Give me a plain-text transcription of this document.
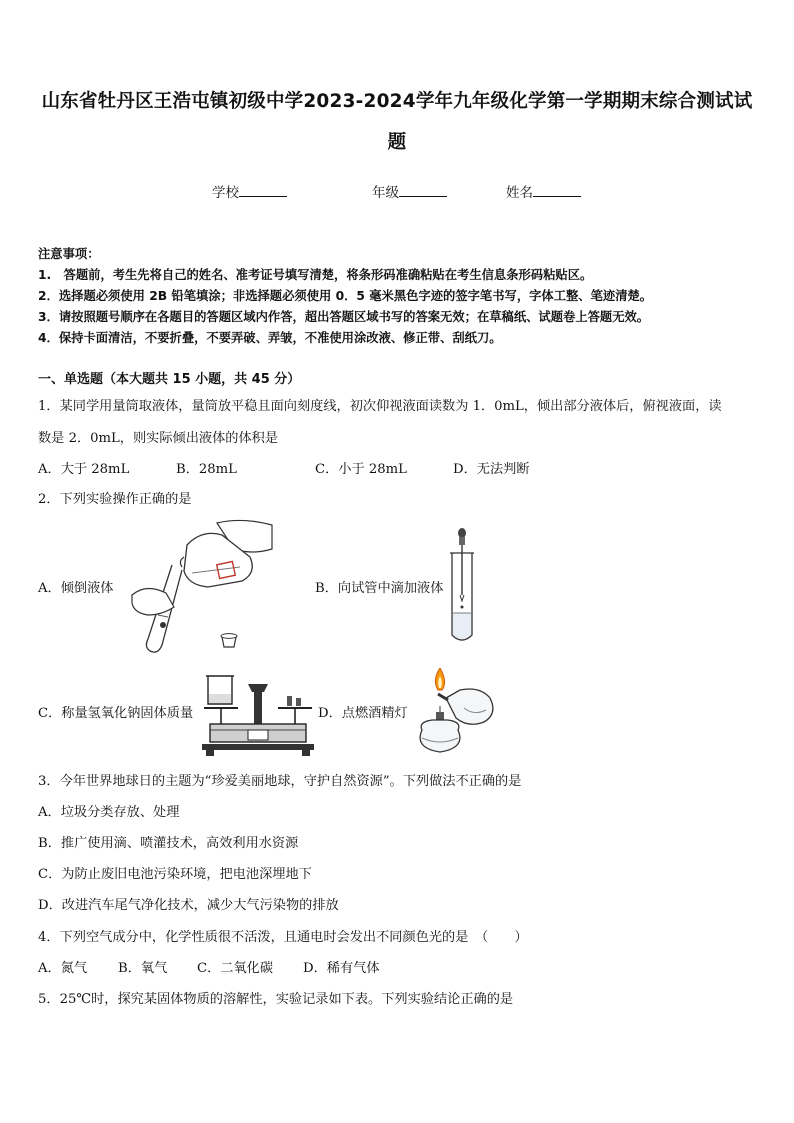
山东省牡丹区王浩屯镇初级中学2023-2024学年九年级化学第一学期期末综合测试试
题
学校	年级	姓名
注意事项：
1.　答题前，考生先将自己的姓名、准考证号填写清楚，将条形码准确粘贴在考生信息条形码粘贴区。
2．选择题必须使用 2B 铅笔填涂；非选择题必须使用 0．5 毫米黑色字迹的签字笔书写，字体工整、笔迹清楚。
3．请按照题号顺序在各题目的答题区域内作答，超出答题区域书写的答案无效；在草稿纸、试题卷上答题无效。
4．保持卡面清洁，不要折叠，不要弄破、弄皱，不准使用涂改液、修正带、刮纸刀。
一、单选题（本大题共 15 小题，共 45 分）
1．某同学用量筒取液体，量筒放平稳且面向刻度线，初次仰视液面读数为 1．0mL，倾出部分液体后，俯视液面，读
数是 2．0mL，则实际倾出液体的体积是
A．大于 28mL	B．28mL	C．小于 28mL	D．无法判断
2．下列实验操作正确的是
A．倾倒液体	B．向试管中滴加液体
C．称量氢氧化钠固体质量	D．点燃酒精灯
3．今年世界地球日的主题为“珍爱美丽地球，守护自然资源”。下列做法不正确的是
A．垃圾分类存放、处理
B．推广使用滴、喷灌技术，高效利用水资源
C．为防止废旧电池污染环境，把电池深埋地下
D．改进汽车尾气净化技术，减少大气污染物的排放
4．下列空气成分中，化学性质很不活泼，且通电时会发出不同颜色光的是　（　　）
A．氮气 B．氧气 C．二氧化碳 D．稀有气体
5．25℃时，探究某固体物质的溶解性，实验记录如下表。下列实验结论正确的是
